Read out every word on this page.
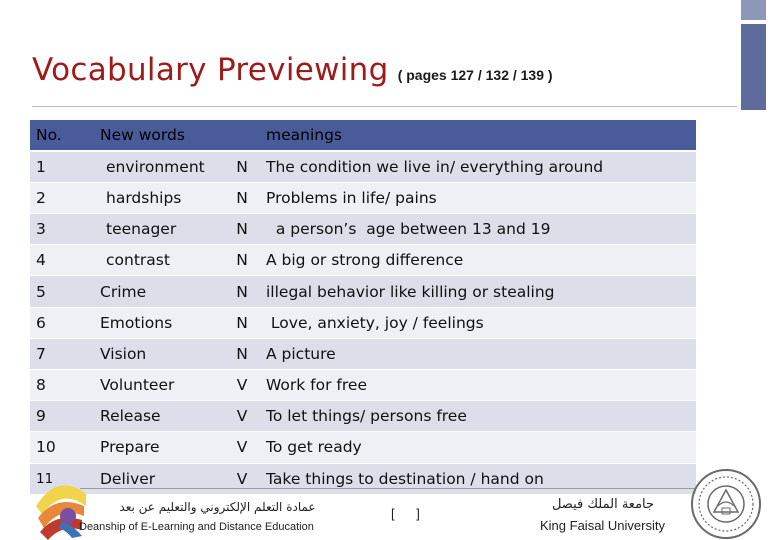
Vocabulary Previewing ( pages 127 / 132 / 139 )
No.	New words		meanings
1	environment	N	The condition we live in/ everything around
2	hardships	N	Problems in life/ pains
3	teenager	N	a person’s  age between 13 and 19
4	contrast	N	A big or strong difference
5	Crime	N	illegal behavior like killing or stealing
6	Emotions	N	Love, anxiety, joy / feelings
7	Vision	N	A picture
8	Volunteer	V	Work for free
9	Release	V	To let things/ persons free
10	Prepare	V	To get ready
11	Deliver	V	Take things to destination / hand on
عمادة التعلم الإلكتروني والتعليم عن بعد
Deanship of E-Learning and Distance Education
[ ]
جامعة الملك فيصل
King Faisal University
